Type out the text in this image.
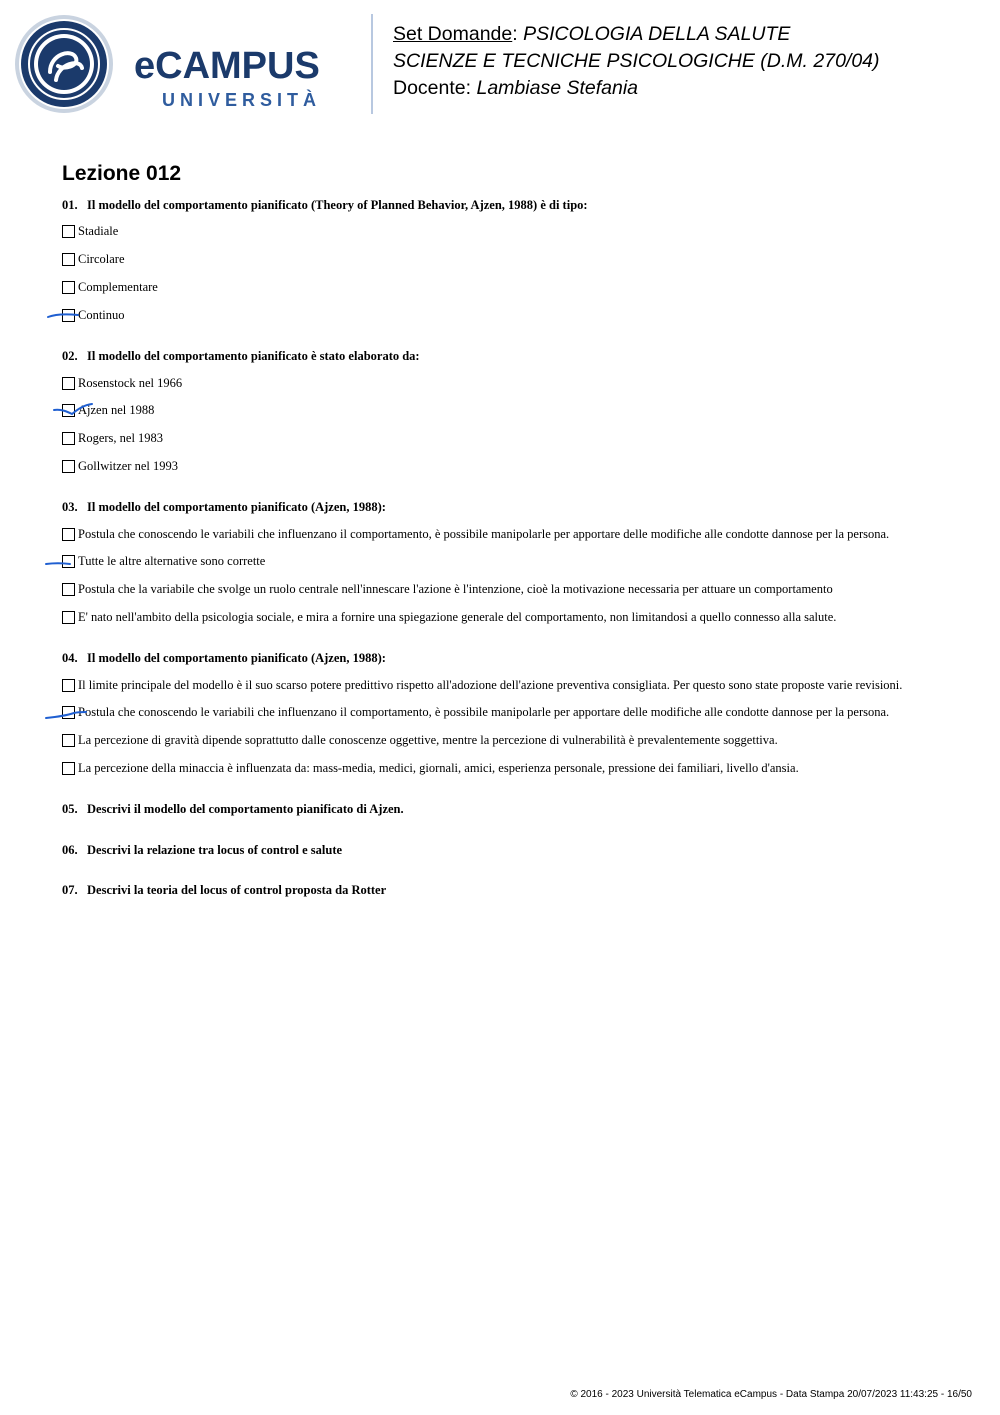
eCAMPUS
UNIVERSITÀ
Set Domande: PSICOLOGIA DELLA SALUTE
SCIENZE E TECNICHE PSICOLOGICHE (D.M. 270/04)
Docente: Lambiase Stefania
Lezione 012
01. Il modello del comportamento pianificato (Theory of Planned Behavior, Ajzen, 1988) è di tipo:
Stadiale
Circolare
Complementare
Continuo
02. Il modello del comportamento pianificato è stato elaborato da:
Rosenstock nel 1966
Ajzen nel 1988
Rogers, nel 1983
Gollwitzer nel 1993
03. Il modello del comportamento pianificato (Ajzen, 1988):
Postula che conoscendo le variabili che influenzano il comportamento, è possibile manipolarle per apportare delle modifiche alle condotte dannose per la persona.
Tutte le altre alternative sono corrette
Postula che la variabile che svolge un ruolo centrale nell'innescare l'azione è l'intenzione, cioè la motivazione necessaria per attuare un comportamento
E' nato nell'ambito della psicologia sociale, e mira a fornire una spiegazione generale del comportamento, non limitandosi a quello connesso alla salute.
04. Il modello del comportamento pianificato (Ajzen, 1988):
Il limite principale del modello è il suo scarso potere predittivo rispetto all'adozione dell'azione preventiva consigliata. Per questo sono state proposte varie revisioni.
Postula che conoscendo le variabili che influenzano il comportamento, è possibile manipolarle per apportare delle modifiche alle condotte dannose per la persona.
La percezione di gravità dipende soprattutto dalle conoscenze oggettive, mentre la percezione di vulnerabilità è prevalentemente soggettiva.
La percezione della minaccia è influenzata da: mass-media, medici, giornali, amici, esperienza personale, pressione dei familiari, livello d'ansia.
05. Descrivi il modello del comportamento pianificato di Ajzen.
06. Descrivi la relazione tra locus of control e salute
07. Descrivi la teoria del locus of control proposta da Rotter
© 2016 - 2023 Università Telematica eCampus - Data Stampa 20/07/2023 11:43:25 - 16/50
